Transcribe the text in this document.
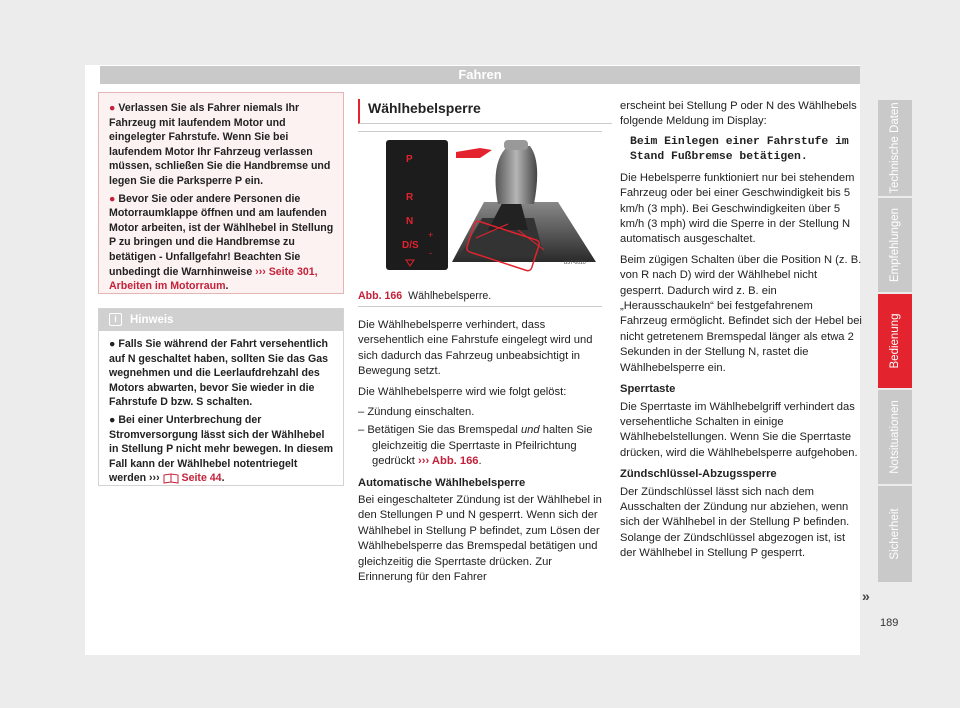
Fahren

● Verlassen Sie als Fahrer niemals Ihr Fahrzeug mit laufendem Motor und eingelegter Fahrstufe. Wenn Sie bei laufendem Motor Ihr Fahrzeug verlassen müssen, schließen Sie die Handbremse und legen Sie die Parksperre P ein.

● Bevor Sie oder andere Personen die Motorraumklappe öffnen und am laufenden Motor arbeiten, ist der Wählhebel in Stellung P zu bringen und die Handbremse zu betätigen - Unfallgefahr! Beachten Sie unbedingt die Warnhinweise ››› Seite 301, Arbeiten im Motorraum.

i Hinweis

● Falls Sie während der Fahrt versehentlich auf N geschaltet haben, sollten Sie das Gas wegnehmen und die Leerlaufdrehzahl des Motors abwarten, bevor Sie wieder in die Fahrstufe D bzw. S schalten.

● Bei einer Unterbrechung der Stromversorgung lässt sich der Wählhebel in Stellung P nicht mehr bewegen. In diesem Fall kann der Wählhebel notentriegelt werden ››› Seite 44.

Wählhebelsperre
P
R
N
D/S
+
-
B5T-0010
Abb. 166 Wählhebelsperre.

Die Wählhebelsperre verhindert, dass versehentlich eine Fahrstufe eingelegt wird und sich dadurch das Fahrzeug unbeabsichtigt in Bewegung setzt.

Die Wählhebelsperre wird wie folgt gelöst:

– Zündung einschalten.

– Betätigen Sie das Bremspedal und halten Sie gleichzeitig die Sperrtaste in Pfeilrichtung gedrückt ››› Abb. 166.

Automatische Wählhebelsperre

Bei eingeschalteter Zündung ist der Wählhebel in den Stellungen P und N gesperrt. Wenn sich der Wählhebel in Stellung P befindet, zum Lösen der Wählhebelsperre das Bremspedal betätigen und gleichzeitig die Sperrtaste drücken. Zur Erinnerung für den Fahrer

erscheint bei Stellung P oder N des Wählhebels folgende Meldung im Display:

Beim Einlegen einer Fahrstufe im Stand Fußbremse betätigen.

Die Hebelsperre funktioniert nur bei stehendem Fahrzeug oder bei einer Geschwindigkeit bis 5 km/h (3 mph). Bei Geschwindigkeiten über 5 km/h (3 mph) wird die Sperre in der Stellung N automatisch ausgeschaltet.

Beim zügigen Schalten über die Position N (z. B. von R nach D) wird der Wählhebel nicht gesperrt. Dadurch wird z. B. ein „Herausschaukeln“ bei festgefahrenem Fahrzeug ermöglicht. Befindet sich der Hebel bei nicht getretenem Bremspedal länger als etwa 2 Sekunden in der Stellung N, rastet die Wählhebelsperre ein.

Sperrtaste

Die Sperrtaste im Wählhebelgriff verhindert das versehentliche Schalten in einige Wählhebelstellungen. Wenn Sie die Sperrtaste drücken, wird die Wählhebelsperre aufgehoben.

Zündschlüssel-Abzugssperre

Der Zündschlüssel lässt sich nach dem Ausschalten der Zündung nur abziehen, wenn sich der Wählhebel in der Stellung P befinden. Solange der Zündschlüssel abgezogen ist, ist der Wählhebel in Stellung P gesperrt.

»
189
Technische Daten
Empfehlungen
Bedienung
Notsituationen
Sicherheit
